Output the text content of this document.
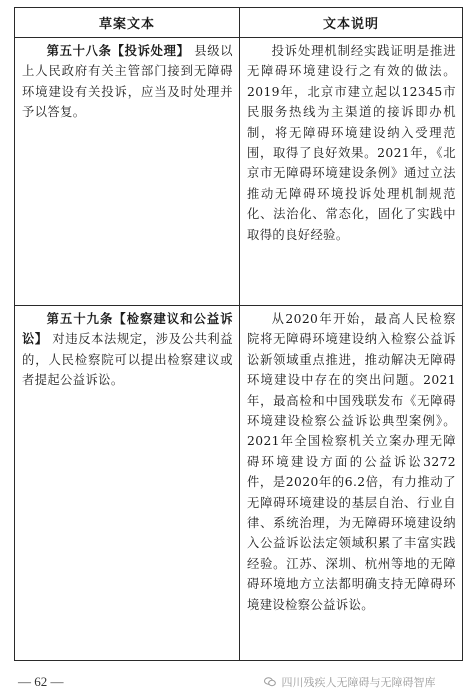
草案文本	文本说明

第五十八条【投诉处理】 县级以上人民政府有关主管部门接到无障碍环境建设有关投诉，应当及时处理并予以答复。

投诉处理机制经实践证明是推进无障碍环境建设行之有效的做法。2019年，北京市建立起以12345市民服务热线为主渠道的接诉即办机制，将无障碍环境建设纳入受理范围，取得了良好效果。2021年，《北京市无障碍环境建设条例》通过立法推动无障碍环境投诉处理机制规范化、法治化、常态化，固化了实践中取得的良好经验。

第五十九条【检察建议和公益诉讼】 对违反本法规定，涉及公共利益的，人民检察院可以提出检察建议或者提起公益诉讼。

从2020年开始，最高人民检察院将无障碍环境建设纳入检察公益诉讼新领域重点推进，推动解决无障碍环境建设中存在的突出问题。2021年，最高检和中国残联发布《无障碍环境建设检察公益诉讼典型案例》。2021年全国检察机关立案办理无障碍环境建设方面的公益诉讼3272件，是2020年的6.2倍，有力推动了无障碍环境建设的基层自治、行业自律、系统治理，为无障碍环境建设纳入公益诉讼法定领域积累了丰富实践经验。江苏、深圳、杭州等地的无障碍环境地方立法都明确支持无障碍环境建设检察公益诉讼。

— 62 —	四川残疾人无障碍与无障碍智库
